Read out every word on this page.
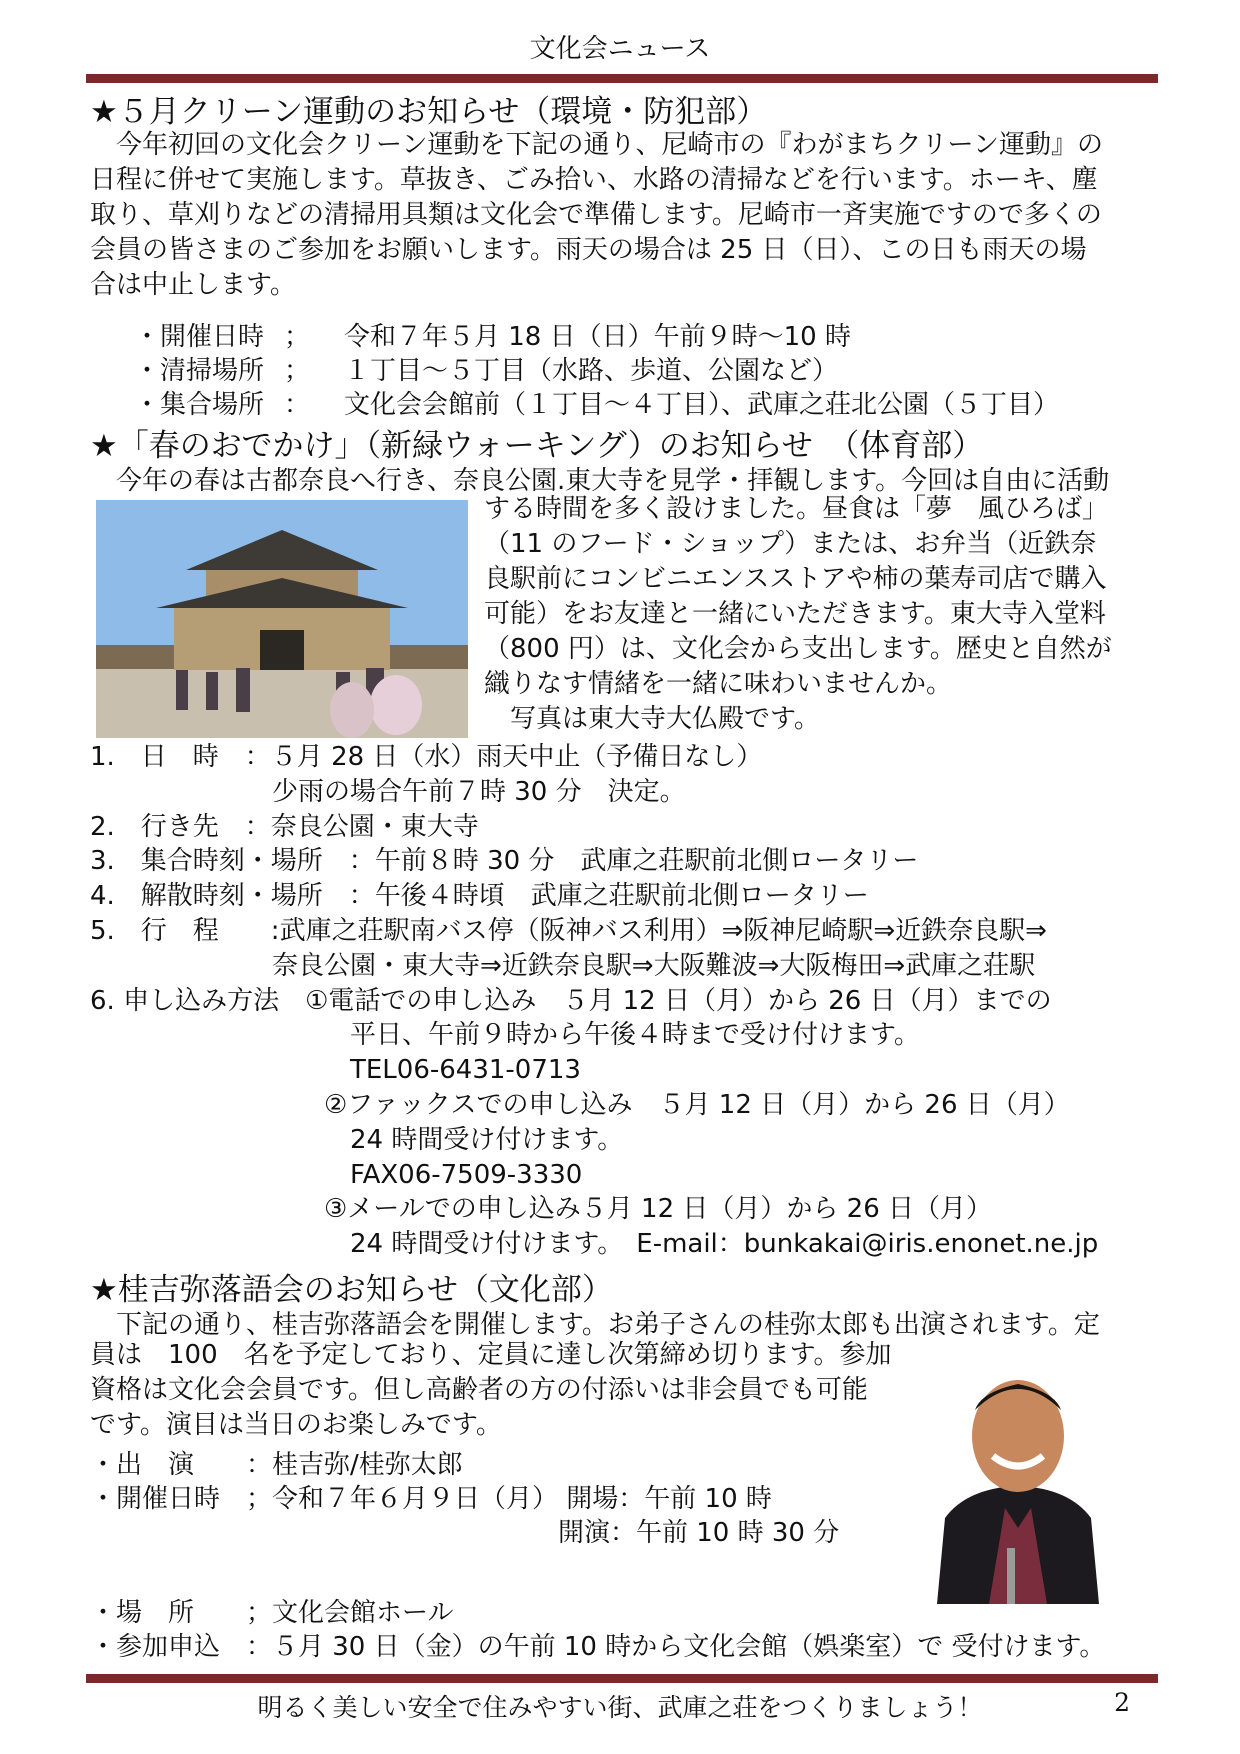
文化会ニュース
★５月クリーン運動のお知らせ（環境・防犯部）
　今年初回の文化会クリーン運動を下記の通り、尼崎市の『わがまちクリーン運動』の
日程に併せて実施します。草抜き、ごみ拾い、水路の清掃などを行います。ホーキ、塵
取り、草刈りなどの清掃用具類は文化会で準備します。尼崎市一斉実施ですので多くの
会員の皆さまのご参加をお願いします。雨天の場合は 25 日（日）、この日も雨天の場
合は中止します。
・開催日時 ； 令和７年５月 18 日（日）午前９時～10 時
・清掃場所 ； １丁目～５丁目（水路、歩道、公園など）
・集合場所 ： 文化会会館前（１丁目～４丁目）、武庫之荘北公園（５丁目）
★「春のおでかけ」（新緑ウォーキング）のお知らせ　（体育部）
　今年の春は古都奈良へ行き、奈良公園.東大寺を見学・拝観します。今回は自由に活動
する時間を多く設けました。昼食は「夢　風ひろば」
（11 のフード・ショップ）または、お弁当（近鉄奈
良駅前にコンビニエンスストアや柿の葉寿司店で購入
可能）をお友達と一緒にいただきます。東大寺入堂料
（800 円）は、文化会から支出します。歴史と自然が
織りなす情緒を一緒に味わいませんか。
　写真は東大寺大仏殿です。
1.　日　時　：５月 28 日（水）雨天中止（予備日なし）
　　　　　　　少雨の場合午前７時 30 分　決定。
2.　行き先　：奈良公園・東大寺
3.　集合時刻・場所　：午前８時 30 分　武庫之荘駅前北側ロータリー
4.　解散時刻・場所　：午後４時頃　武庫之荘駅前北側ロータリー
5.　行　程　　:武庫之荘駅南バス停（阪神バス利用）⇒阪神尼崎駅⇒近鉄奈良駅⇒
　　　　　　　奈良公園・東大寺⇒近鉄奈良駅⇒大阪難波⇒大阪梅田⇒武庫之荘駅
6. 申し込み方法　①電話での申し込み　５月 12 日（月）から 26 日（月）までの
　　　　　　　　　　平日、午前９時から午後４時まで受け付けます。
　　　　　　　　　　TEL06-6431-0713
　　　　　　　　　②ファックスでの申し込み　５月 12 日（月）から 26 日（月）
　　　　　　　　　　24 時間受け付けます。
　　　　　　　　　　FAX06-7509-3330
　　　　　　　　　③メールでの申し込み５月 12 日（月）から 26 日（月）
　　　　　　　　　　24 時間受け付けます。　E-mail：bunkakai@iris.enonet.ne.jp
★桂吉弥落語会のお知らせ（文化部）
　下記の通り、桂吉弥落語会を開催します。お弟子さんの桂弥太郎も出演されます。定
員は　100　名を予定しており、定員に達し次第締め切ります。参加
資格は文化会会員です。但し高齢者の方の付添いは非会員でも可能
です。演目は当日のお楽しみです。
・出　演　　：桂吉弥/桂弥太郎
・開催日時　；令和７年６月９日（月） 開場：午前 10 時
　　　　　　　　　　　　　　　　　　開演：午前 10 時 30 分
・場　所　　；文化会館ホール
・参加申込　：５月 30 日（金）の午前 10 時から文化会館（娯楽室）で 受付けます。
明るく美しい安全で住みやすい街、武庫之荘をつくりましょう！	2
